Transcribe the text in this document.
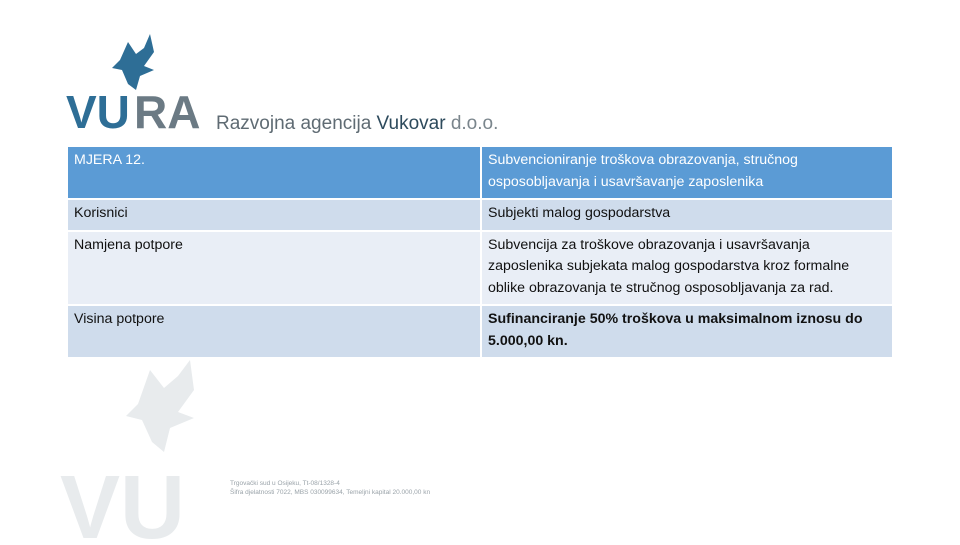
VU RA Razvojna agencija Vukovar d.o.o.
MJERA 12.	Subvencioniranje troškova obrazovanja, stručnog osposobljavanja i usavršavanje zaposlenika
Korisnici	Subjekti malog gospodarstva
Namjena potpore	Subvencija za troškove obrazovanja i usavršavanja zaposlenika subjekata malog gospodarstva kroz formalne oblike obrazovanja te stručnog osposobljavanja za rad.
Visina potpore	Sufinanciranje 50% troškova u maksimalnom iznosu do 5.000,00 kn.
VU	Trgovački sud u Osijeku, Tt-08/1328-4
Šifra djelatnosti 7022, MBS 030099634, Temeljni kapital 20.000,00 kn
